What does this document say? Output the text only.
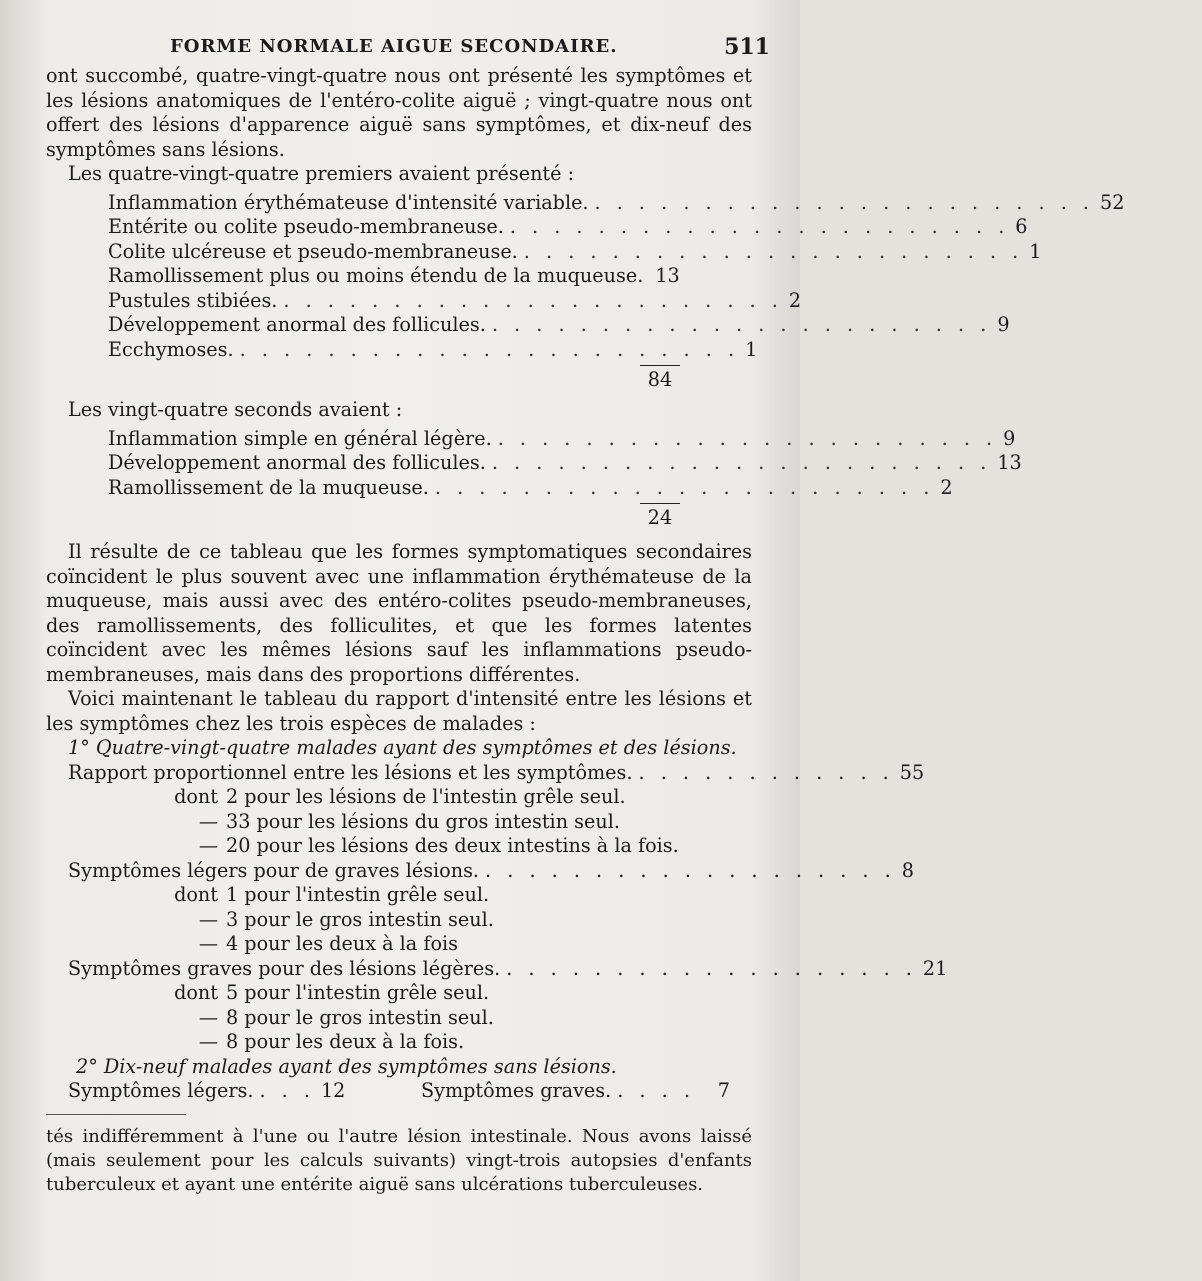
FORME NORMALE AIGUE SECONDAIRE.	511

ont succombé, quatre-vingt-quatre nous ont présenté les symptômes et les lésions anatomiques de l'entéro-colite aiguë ; vingt-quatre nous ont offert des lésions d'apparence aiguë sans symptômes, et dix-neuf des symptômes sans lésions.

Les quatre-vingt-quatre premiers avaient présenté :

Inflammation érythémateuse d'intensité variable. . . . . . . . . . . . . . . . . . . . . . . . 52
Entérite ou colite pseudo-membraneuse. . . . . . . . . . . . . . . . . . . . . . . . 6
Colite ulcéreuse et pseudo-membraneuse. . . . . . . . . . . . . . . . . . . . . . . . 1
Ramollissement plus ou moins étendu de la muqueuse. 13
Pustules stibiées. . . . . . . . . . . . . . . . . . . . . . . . 2
Développement anormal des follicules. . . . . . . . . . . . . . . . . . . . . . . . 9
Ecchymoses. . . . . . . . . . . . . . . . . . . . . . . . 1
84

Les vingt-quatre seconds avaient :

Inflammation simple en général légère. . . . . . . . . . . . . . . . . . . . . . . . 9
Développement anormal des follicules. . . . . . . . . . . . . . . . . . . . . . . . 13
Ramollissement de la muqueuse. . . . . . . . . . . . . . . . . . . . . . . . 2
24

Il résulte de ce tableau que les formes symptomatiques secondaires coïncident le plus souvent avec une inflammation érythémateuse de la muqueuse, mais aussi avec des entéro-colites pseudo-membraneuses, des ramollissements, des folliculites, et que les formes latentes coïncident avec les mêmes lésions sauf les inflammations pseudo-membraneuses, mais dans des proportions différentes.

Voici maintenant le tableau du rapport d'intensité entre les lésions et les symptômes chez les trois espèces de malades :

1° Quatre-vingt-quatre malades ayant des symptômes et des lésions.
Rapport proportionnel entre les lésions et les symptômes. . . . . . . . . . . . . 55
dont 2 pour les lésions de l'intestin grêle seul.
— 33 pour les lésions du gros intestin seul.
— 20 pour les lésions des deux intestins à la fois.
Symptômes légers pour de graves lésions. . . . . . . . . . . . . . . . . . . . 8
dont 1 pour l'intestin grêle seul.
— 3 pour le gros intestin seul.
— 4 pour les deux à la fois
Symptômes graves pour des lésions légères. . . . . . . . . . . . . . . . . . . . 21
dont 5 pour l'intestin grêle seul.
— 8 pour le gros intestin seul.
— 8 pour les deux à la fois.
2° Dix-neuf malades ayant des symptômes sans lésions.
Symptômes légers. . . . 12	Symptômes graves. . . . .	7

tés indifféremment à l'une ou l'autre lésion intestinale. Nous avons laissé (mais seulement pour les calculs suivants) vingt-trois autopsies d'enfants tuberculeux et ayant une entérite aiguë sans ulcérations tuberculeuses.
